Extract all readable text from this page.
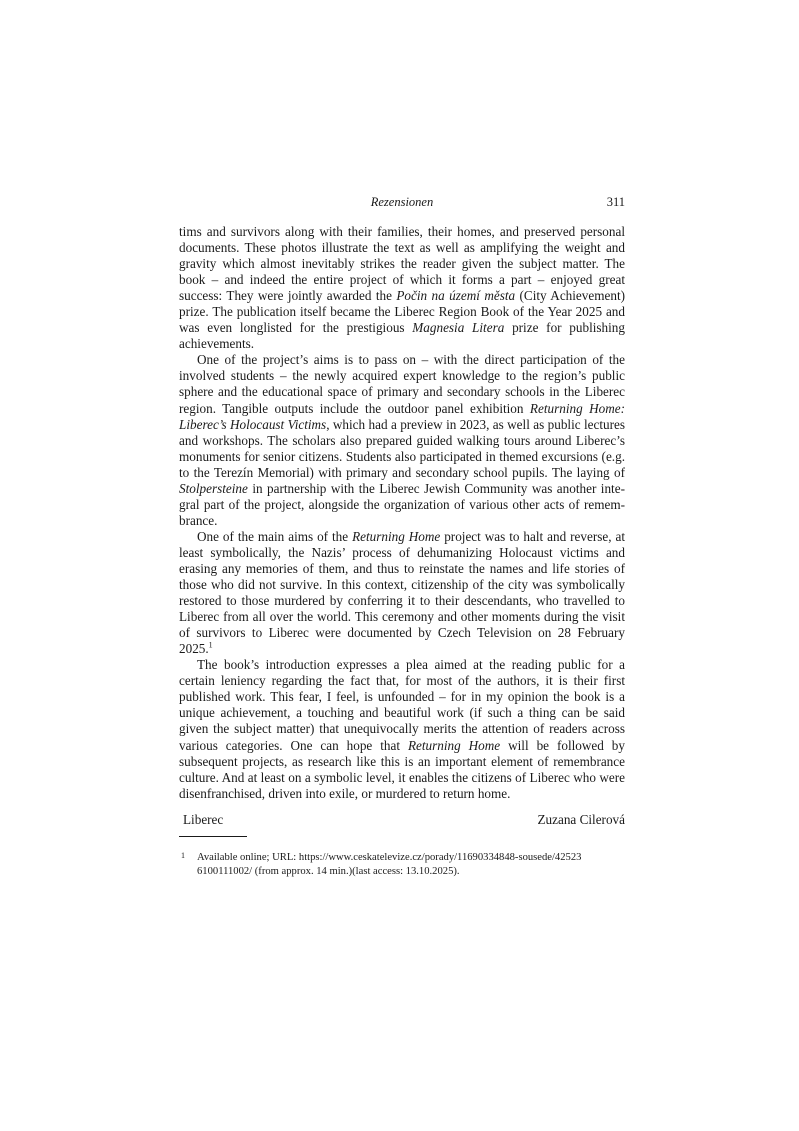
Rezensionen	311

tims and survivors along with their families, their homes, and preserved personal documents. These photos illustrate the text as well as amplifying the weight and gravity which almost inevitably strikes the reader given the subject matter. The book – and indeed the entire project of which it forms a part – enjoyed great success: They were jointly awarded the Počin na území města (City Achievement) prize. The publication itself became the Liberec Region Book of the Year 2025 and was even longlisted for the prestigious Magnesia Litera prize for publishing achievements.

One of the project’s aims is to pass on – with the direct participation of the involved students – the newly acquired expert knowledge to the region’s public sphere and the educational space of primary and secondary schools in the Liberec region. Tangible outputs include the outdoor panel exhibition Returning Home: Liberec’s Holocaust Victims, which had a preview in 2023, as well as public lectures and workshops. The scholars also prepared guided walking tours around Liberec’s monuments for senior citizens. Students also participated in themed excursions (e.g. to the Terezín Memorial) with primary and secondary school pupils. The laying of Stolpersteine in partnership with the Liberec Jewish Community was another integral part of the project, alongside the organization of various other acts of remembrance.

One of the main aims of the Returning Home project was to halt and reverse, at least symbolically, the Nazis’ process of dehumanizing Holocaust victims and erasing any memories of them, and thus to reinstate the names and life stories of those who did not survive. In this context, citizenship of the city was symbolically restored to those murdered by conferring it to their descendants, who travelled to Liberec from all over the world. This ceremony and other moments during the visit of survivors to Liberec were documented by Czech Television on 28 February 2025.$^1$

The book’s introduction expresses a plea aimed at the reading public for a certain leniency regarding the fact that, for most of the authors, it is their first published work. This fear, I feel, is unfounded – for in my opinion the book is a unique achievement, a touching and beautiful work (if such a thing can be said given the subject matter) that unequivocally merits the attention of readers across various categories. One can hope that Returning Home will be followed by subsequent projects, as research like this is an important element of remembrance culture. And at least on a symbolic level, it enables the citizens of Liberec who were disenfranchised, driven into exile, or murdered to return home.

Liberec	Zuzana Cilerová
1	Available online; URL: https://www.ceskatelevize.cz/porady/11690334848-sousede/42523 6100111002/ (from approx. 14 min.)(last access: 13.10.2025).
